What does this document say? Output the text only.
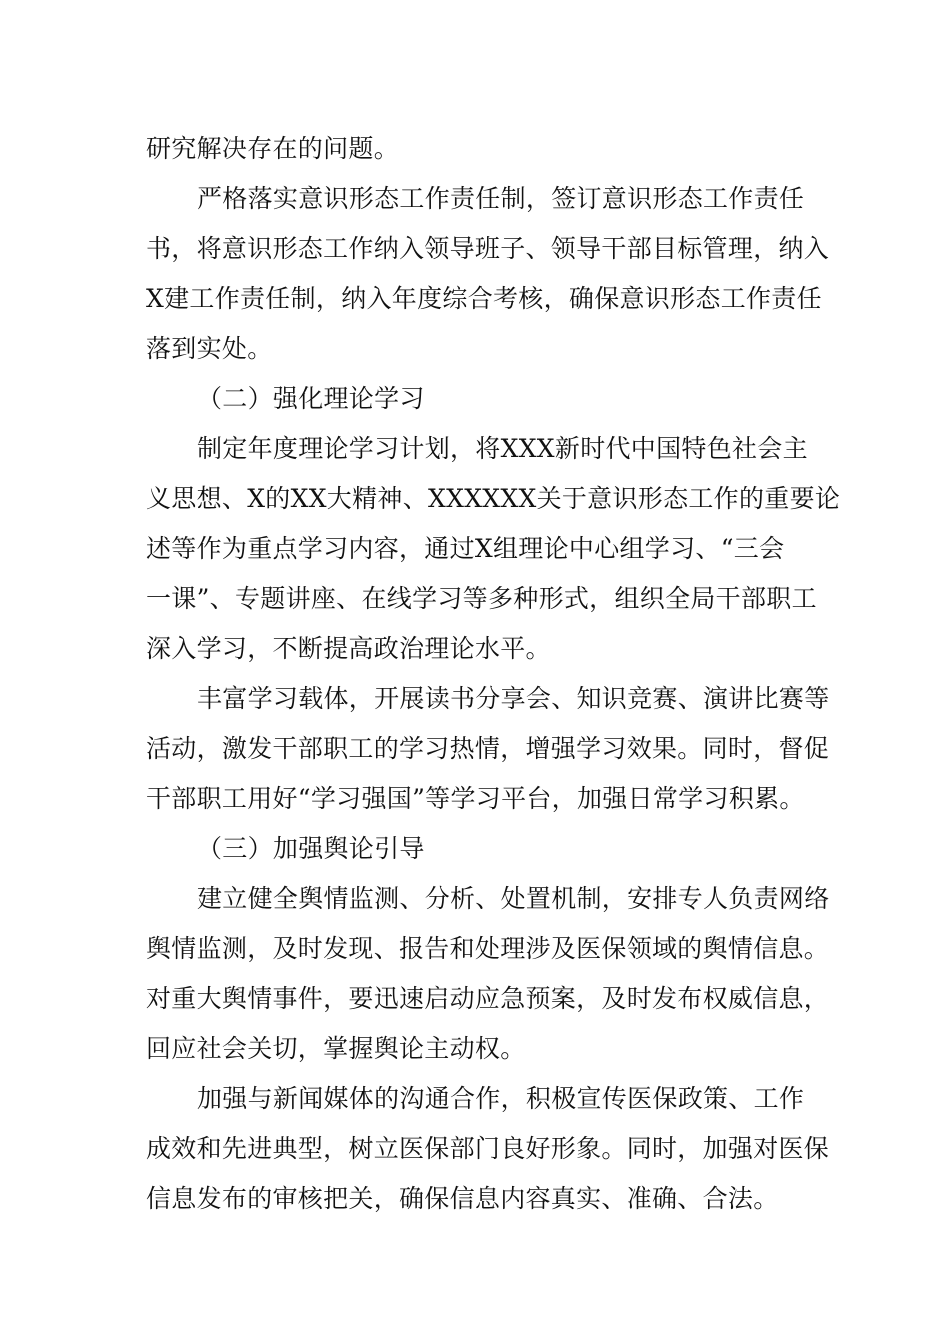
研究解决存在的问题。
严格落实意识形态工作责任制，签订意识形态工作责任
书，将意识形态工作纳入领导班子、领导干部目标管理，纳入
X建工作责任制，纳入年度综合考核，确保意识形态工作责任
落到实处。
（二）强化理论学习
制定年度理论学习计划，将XXX新时代中国特色社会主
义思想、X的XX大精神、XXXXXX关于意识形态工作的重要论
述等作为重点学习内容，通过X组理论中心组学习、“三会
一课”、专题讲座、在线学习等多种形式，组织全局干部职工
深入学习，不断提高政治理论水平。
丰富学习载体，开展读书分享会、知识竞赛、演讲比赛等
活动，激发干部职工的学习热情，增强学习效果。同时，督促
干部职工用好“学习强国”等学习平台，加强日常学习积累。
（三）加强舆论引导
建立健全舆情监测、分析、处置机制，安排专人负责网络
舆情监测，及时发现、报告和处理涉及医保领域的舆情信息。
对重大舆情事件，要迅速启动应急预案，及时发布权威信息，
回应社会关切，掌握舆论主动权。
加强与新闻媒体的沟通合作，积极宣传医保政策、工作
成效和先进典型，树立医保部门良好形象。同时，加强对医保
信息发布的审核把关，确保信息内容真实、准确、合法。
